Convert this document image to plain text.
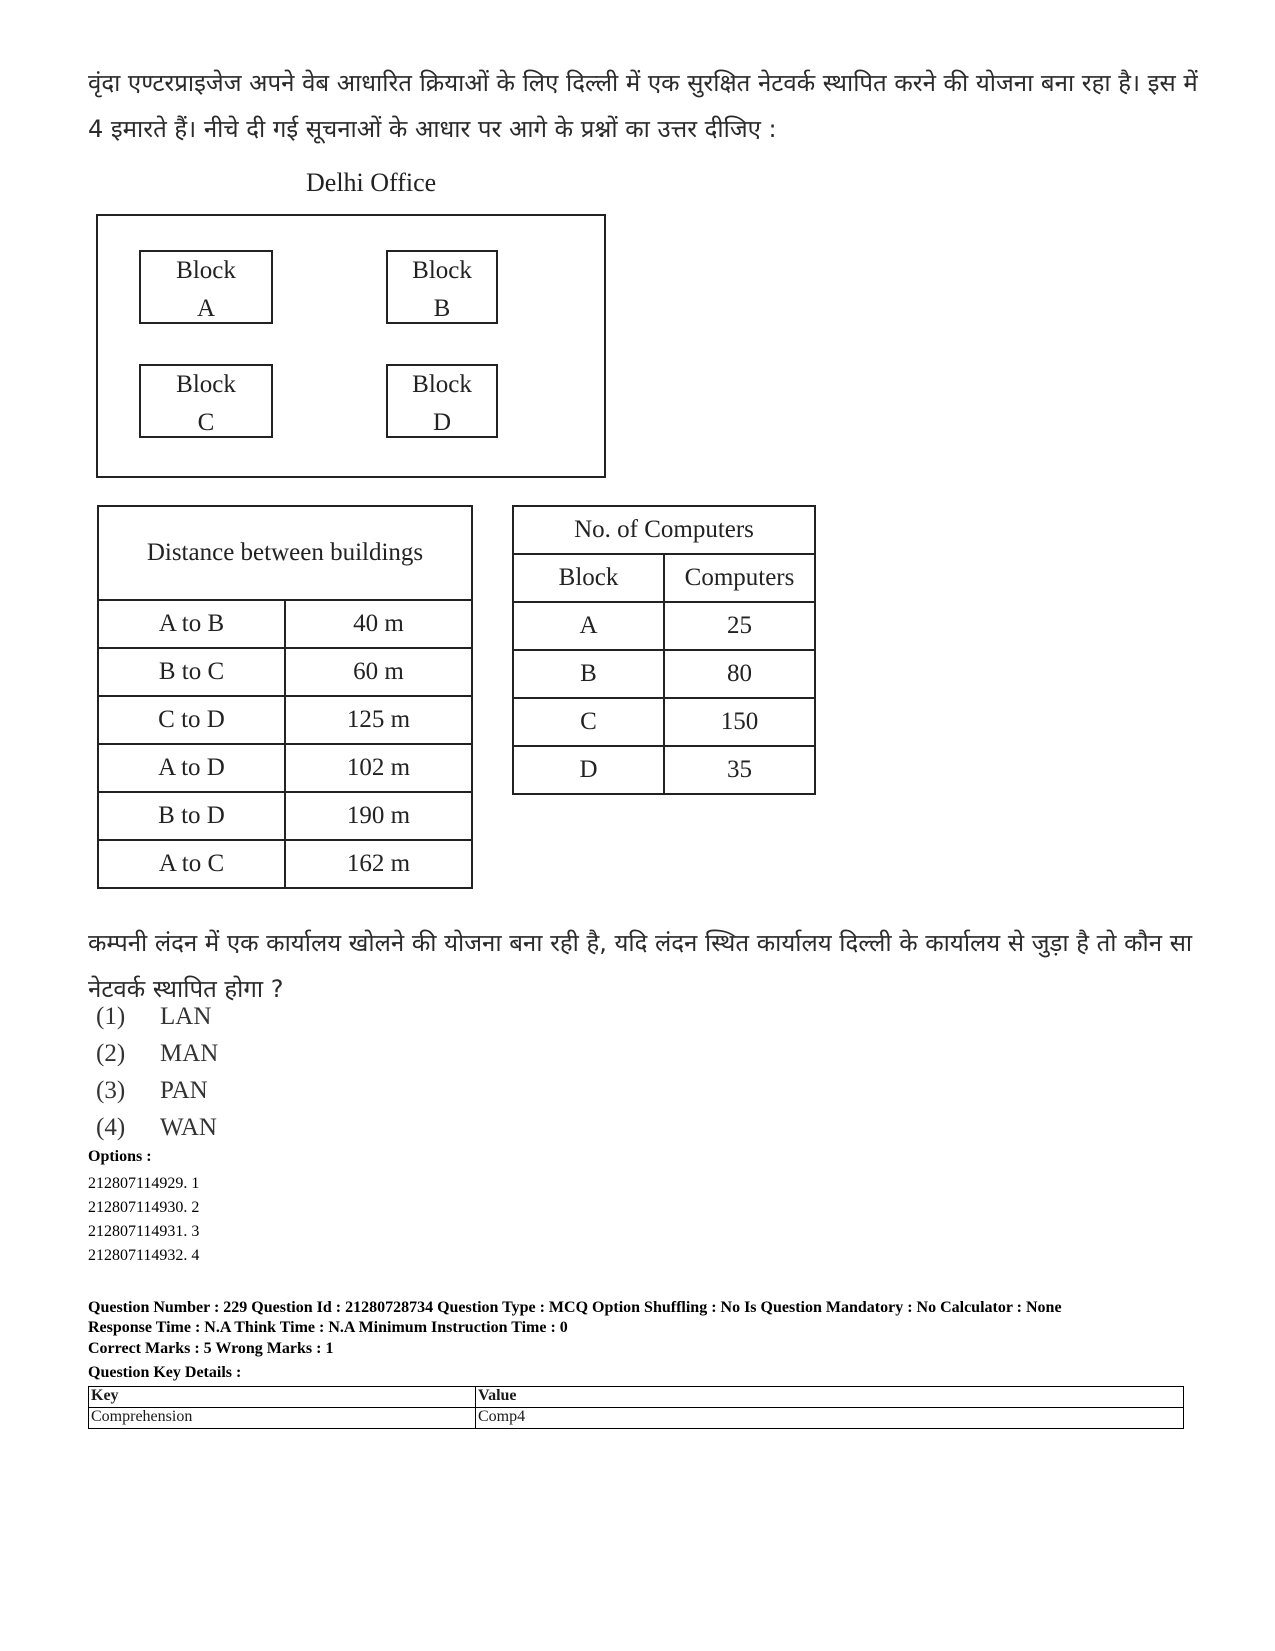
वृंदा एण्टरप्राइजेज अपने वेब आधारित क्रियाओं के लिए दिल्ली में एक सुरक्षित नेटवर्क स्थापित करने की योजना बना रहा है। इस में 4 इमारते हैं। नीचे दी गई सूचनाओं के आधार पर आगे के प्रश्नों का उत्तर दीजिए :
Delhi Office
Block
A
Block
B
Block
C
Block
D
Distance between buildings	
A to B	40 m
B to C	60 m
C to D	125 m
A to D	102 m
B to D	190 m
A to C	162 m
No. of Computers	
Block	Computers
A	25
B	80
C	150
D	35
कम्पनी लंदन में एक कार्यालय खोलने की योजना बना रही है, यदि लंदन स्थित कार्यालय दिल्ली के कार्यालय से जुड़ा है तो कौन सा नेटवर्क स्थापित होगा ?
(1) LAN
(2) MAN
(3) PAN
(4) WAN
Options :
212807114929. 1
212807114930. 2
212807114931. 3
212807114932. 4
Question Number : 229 Question Id : 21280728734 Question Type : MCQ Option Shuffling : No Is Question Mandatory : No Calculator : None
Response Time : N.A Think Time : N.A Minimum Instruction Time : 0
Correct Marks : 5 Wrong Marks : 1
Question Key Details :
Key	Value
Comprehension	Comp4
